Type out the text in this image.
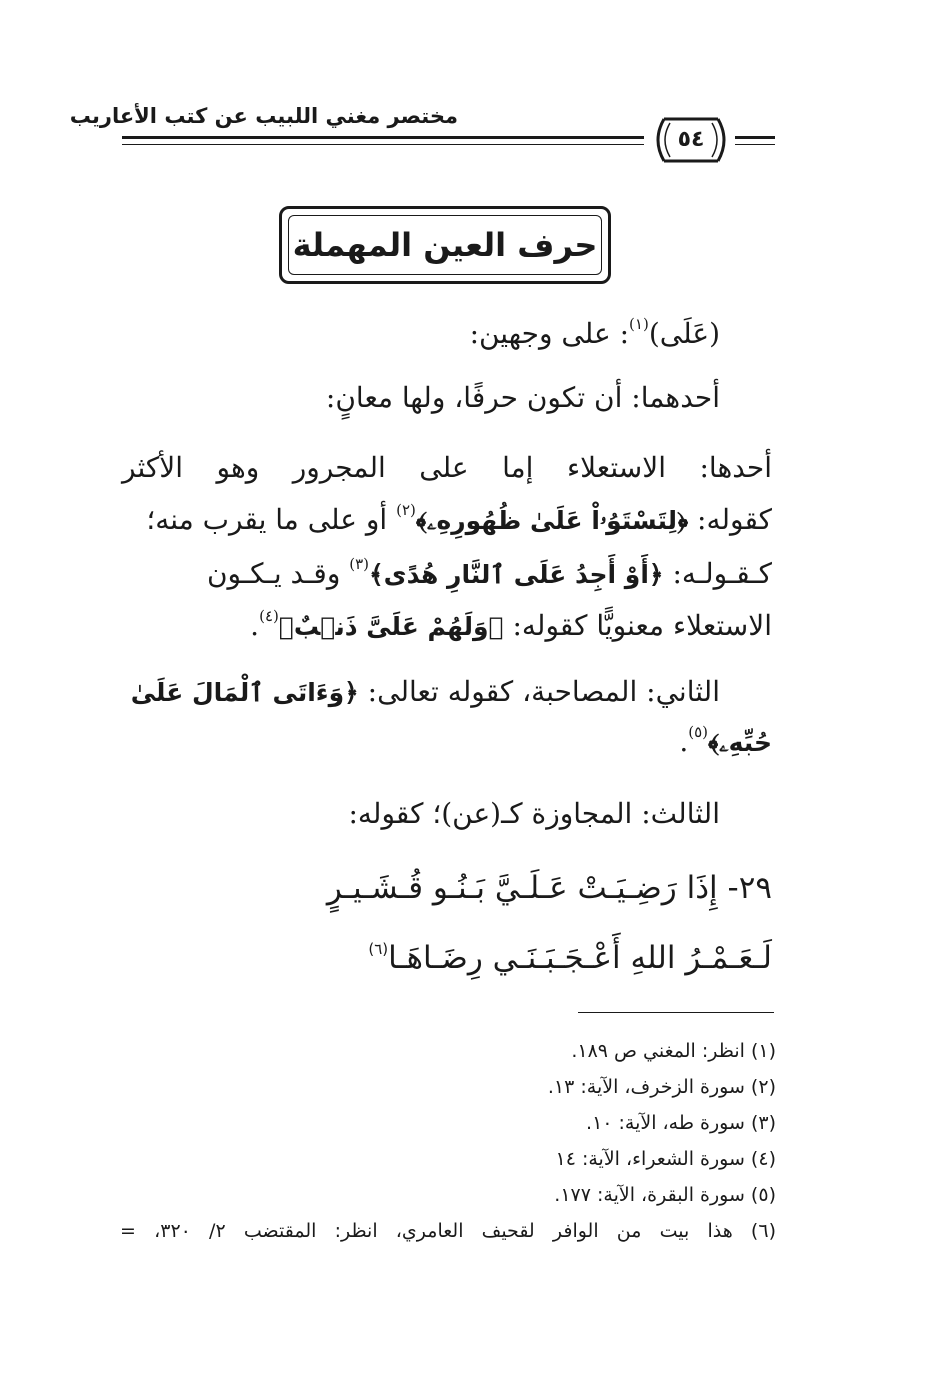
مختصر مغني اللبيب عن كتب الأعاريب
٥٤
حرف العين المهملة
(عَلَى)$^{(١)}$: على وجهين:
أحدهما: أن تكون حرفًا، ولها معانٍ:
أحدها: الاستعلاء إما على المجرور وهو الأكثر
كقوله: ﴿لِتَسْتَوُۥاْ عَلَىٰ ظُهُورِهِۦ﴾$^{(٢)}$ أو على ما يقرب منه؛
كـقـولـه: ﴿أَوْ أَجِدُ عَلَى ٱلنَّارِ هُدًى﴾$^{(٣)}$ وقـد يـكـون
الاستعلاء معنويًّا كقوله: ﴿وَلَهُمْ عَلَىَّ ذَنۢبٌ﴾$^{(٤)}$.
الثاني: المصاحبة، كقوله تعالى: ﴿وَءَاتَى ٱلْمَالَ عَلَىٰ
حُبِّهِۦ﴾$^{(٥)}$.
الثالث: المجاوزة كـ(عن)؛ كقوله:
٢٩- إِذَا رَضِـيَـتْ عَـلَـيَّ بَـنُـو قُـشَـيـرٍ
لَـعَـمْـرُ اللهِ أَعْـجَـبَـنَـي رِضَـاهَـا$^{(٦)}$
(١) انظر: المغني ص ١٨٩.
(٢) سورة الزخرف، الآية: ١٣.
(٣) سورة طه، الآية: ١٠.
(٤) سورة الشعراء، الآية: ١٤
(٥) سورة البقرة، الآية: ١٧٧.
(٦) هذا بيت من الوافر لقحيف العامري، انظر: المقتضب ٢/ ٣٢٠، =
